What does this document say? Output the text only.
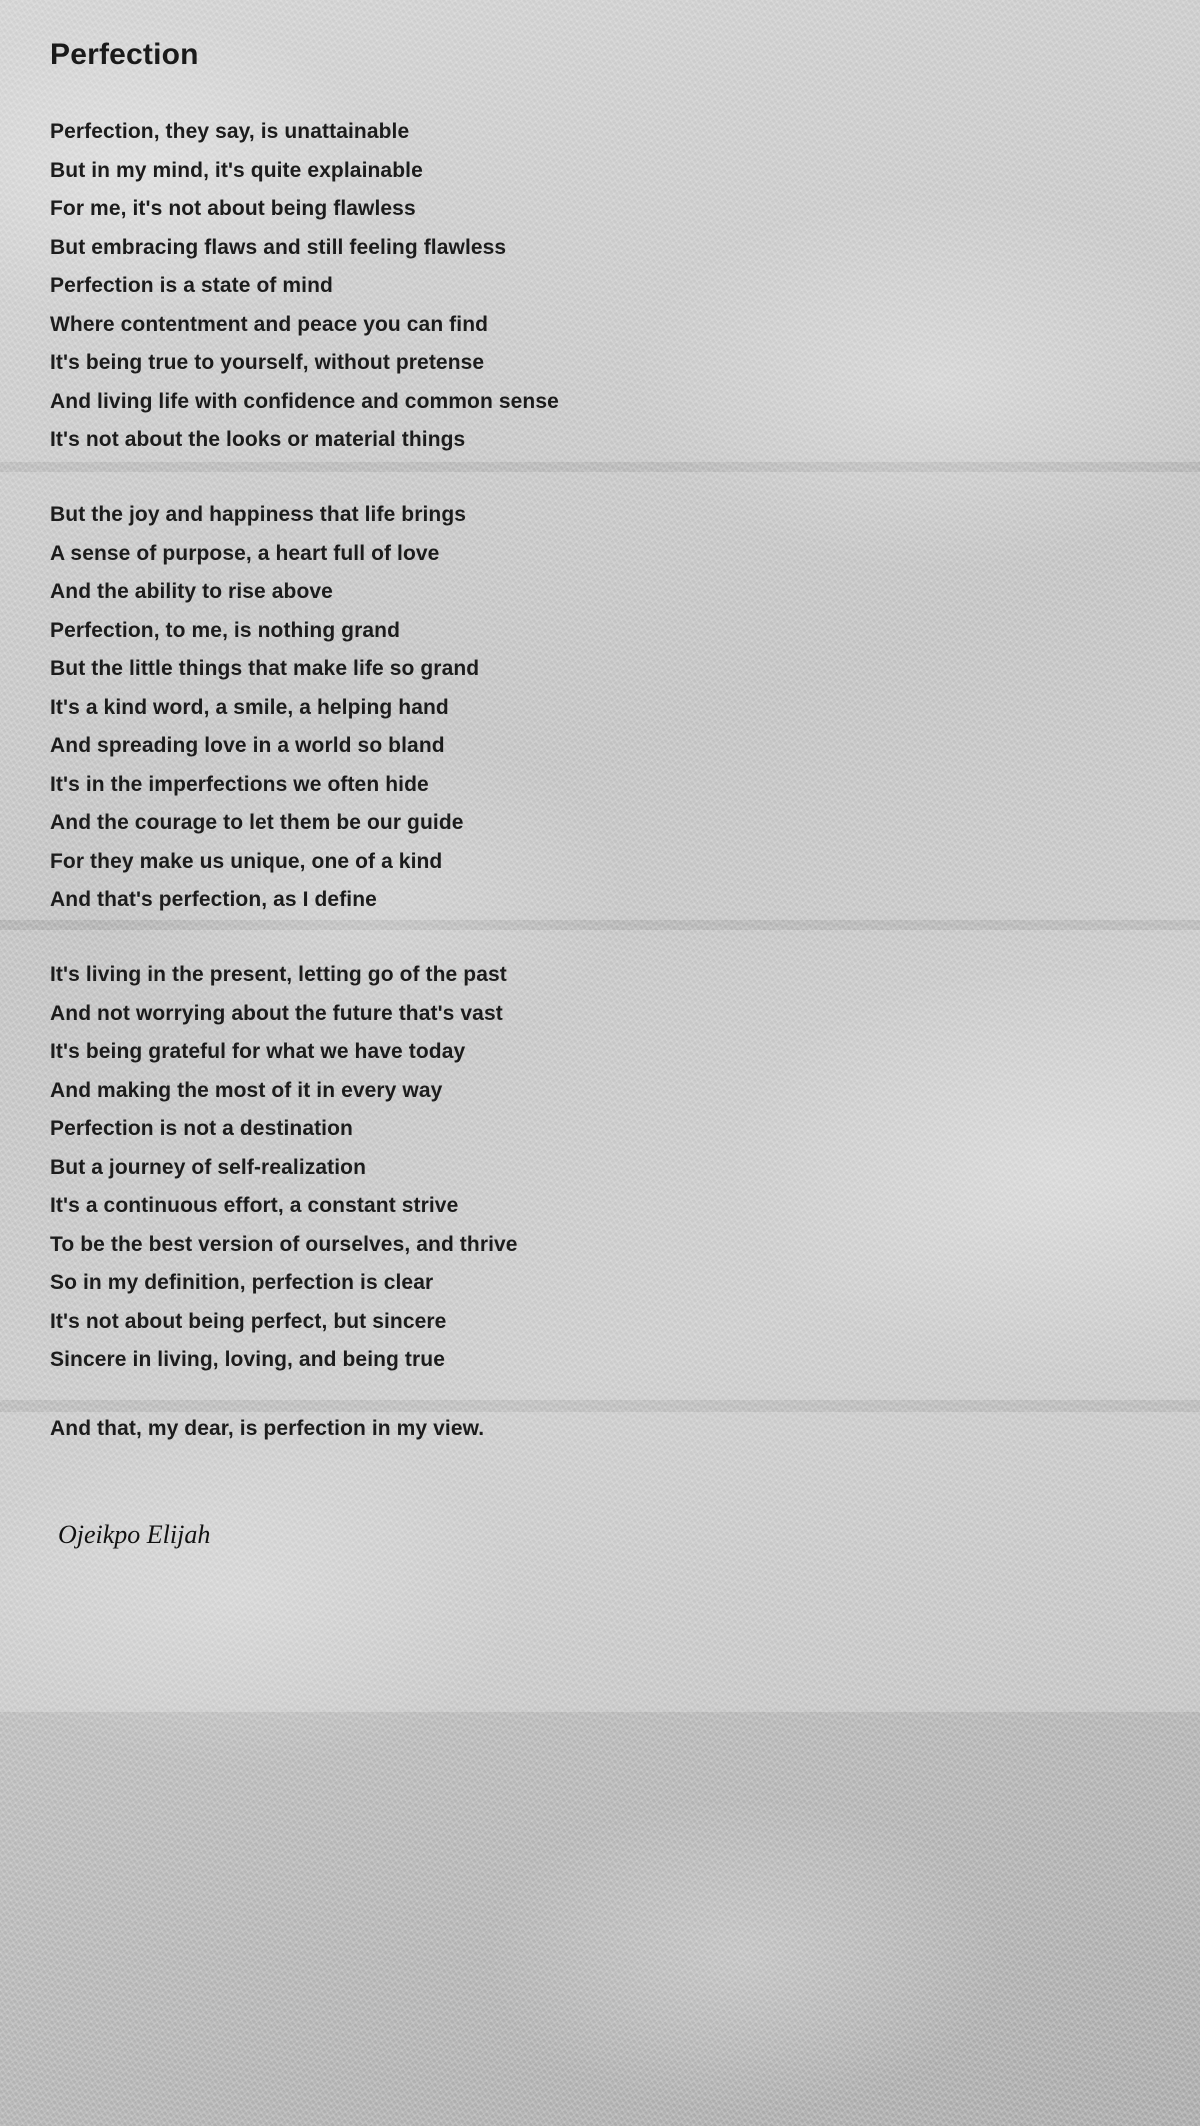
Perfection
Perfection, they say, is unattainable
But in my mind, it's quite explainable
For me, it's not about being flawless
But embracing flaws and still feeling flawless
Perfection is a state of mind
Where contentment and peace you can find
It's being true to yourself, without pretense
And living life with confidence and common sense
It's not about the looks or material things
But the joy and happiness that life brings
A sense of purpose, a heart full of love
And the ability to rise above
Perfection, to me, is nothing grand
But the little things that make life so grand
It's a kind word, a smile, a helping hand
And spreading love in a world so bland
It's in the imperfections we often hide
And the courage to let them be our guide
For they make us unique, one of a kind
And that's perfection, as I define
It's living in the present, letting go of the past
And not worrying about the future that's vast
It's being grateful for what we have today
And making the most of it in every way
Perfection is not a destination
But a journey of self-realization
It's a continuous effort, a constant strive
To be the best version of ourselves, and thrive
So in my definition, perfection is clear
It's not about being perfect, but sincere
Sincere in living, loving, and being true
And that, my dear, is perfection in my view.
Ojeikpo Elijah
